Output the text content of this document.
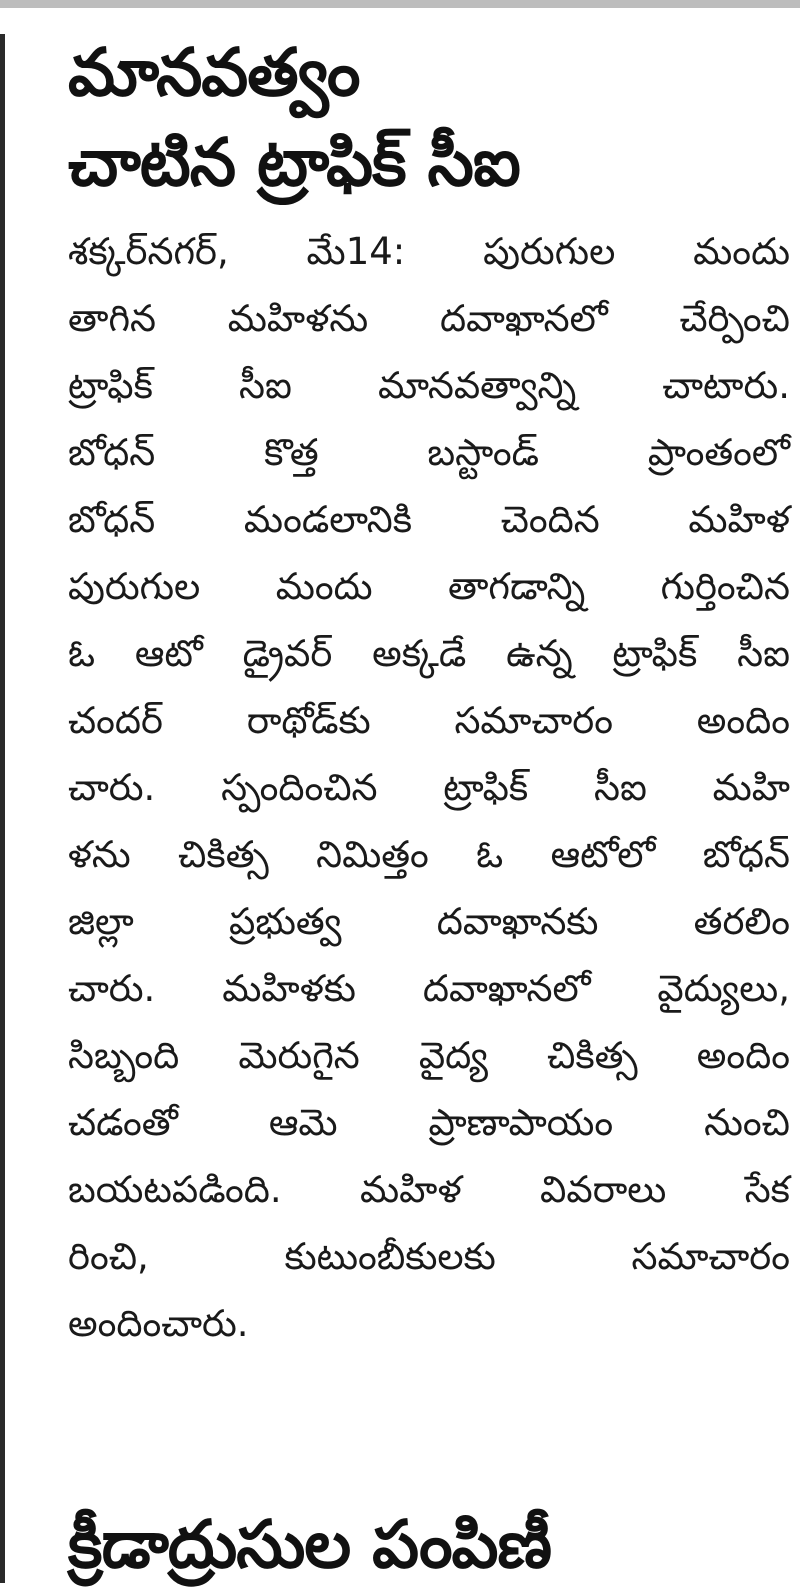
మానవత్వం
చాటిన ట్రాఫిక్ సీఐ
శక్కర్‌నగర్, మే14: పురుగుల మందు
తాగిన మహిళను దవాఖానలో చేర్పించి
ట్రాఫిక్ సీఐ మానవత్వాన్ని చాటారు.
బోధన్ కొత్త బస్టాండ్ ప్రాంతంలో
బోధన్ మండలానికి చెందిన మహిళ
పురుగుల మందు తాగడాన్ని గుర్తించిన
ఓ ఆటో డ్రైవర్ అక్కడే ఉన్న ట్రాఫిక్ సీఐ
చందర్ రాథోడ్‌కు సమాచారం అందిం
చారు. స్పందించిన ట్రాఫిక్ సీఐ మహి
ళను చికిత్స నిమిత్తం ఓ ఆటోలో బోధన్
జిల్లా ప్రభుత్వ దవాఖానకు తరలిం
చారు. మహిళకు దవాఖానలో వైద్యులు,
సిబ్బంది మెరుగైన వైద్య చికిత్స అందిం
చడంతో ఆమె ప్రాణాపాయం నుంచి
బయటపడింది. మహిళ వివరాలు సేక
రించి, కుటుంబీకులకు సమాచారం
అందించారు.
క్రీడాద్రుసుల పంపిణీ
